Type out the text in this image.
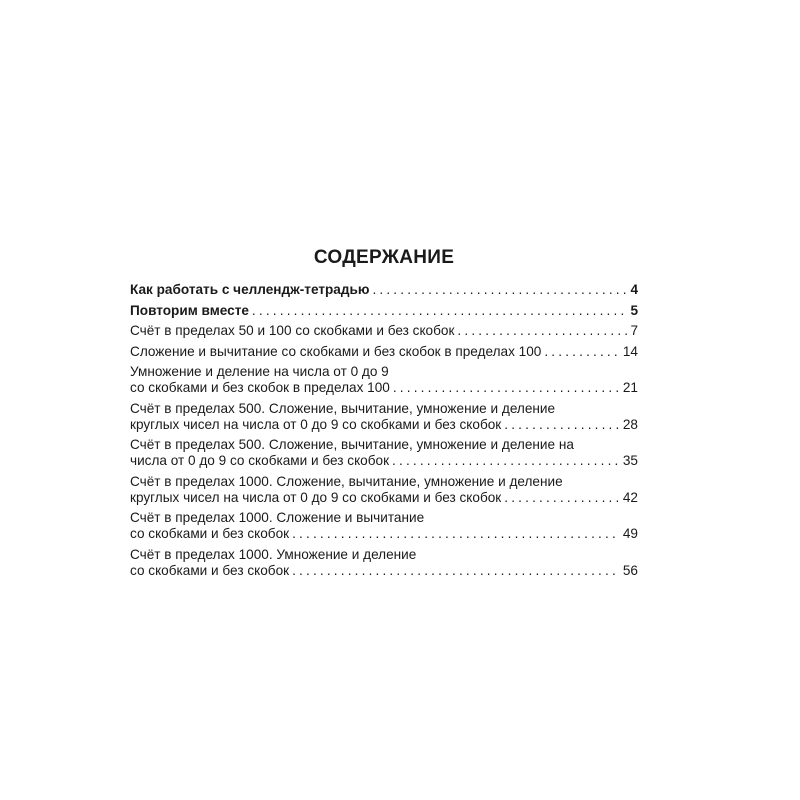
СОДЕРЖАНИЕ
Как работать с челлендж-тетрадью . . .	4
Повторим вместе . . .	5
Счёт в пределах 50 и 100 со скобками и без скобок . . .	7
Сложение и вычитание со скобками и без скобок в пределах 100 . . .	14
Умножение и деление на числа от 0 до 9
со скобками и без скобок в пределах 100 . . .	21
Счёт в пределах 500. Сложение, вычитание, умножение и деление
круглых чисел на числа от 0 до 9 со скобками и без скобок . . .	28
Счёт в пределах 500. Сложение, вычитание, умножение и деление на
числа от 0 до 9 со скобками и без скобок . . .	35
Счёт в пределах 1000. Сложение, вычитание, умножение и деление
круглых чисел на числа от 0 до 9 со скобками и без скобок . . .	42
Счёт в пределах 1000. Сложение и вычитание
со скобками и без скобок . . .	49
Счёт в пределах 1000. Умножение и деление
со скобками и без скобок . . .	56
